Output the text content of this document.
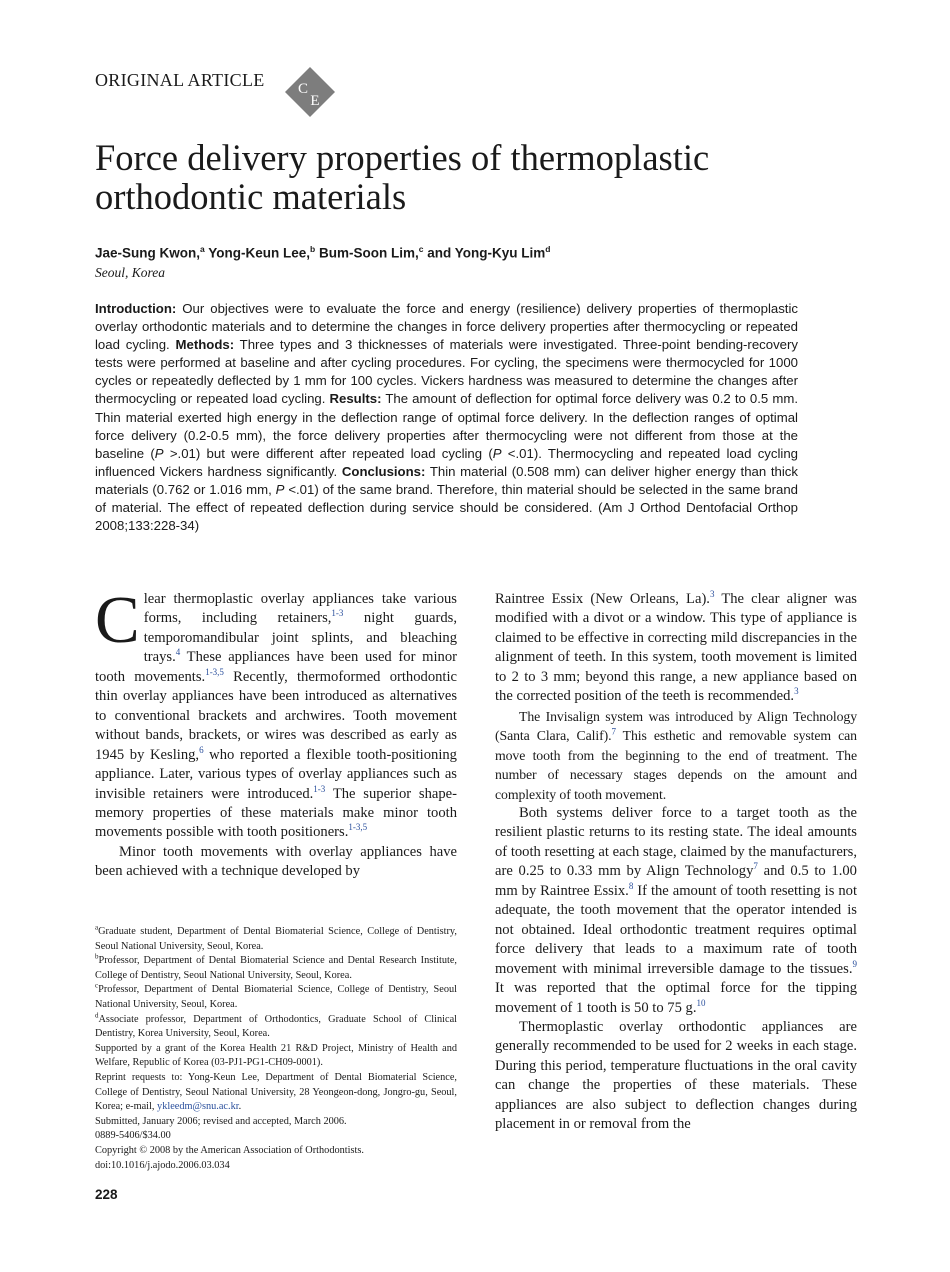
ORIGINAL ARTICLE C
E
Force delivery properties of thermoplastic
orthodontic materials
Jae-Sung Kwon,$^a$ Yong-Keun Lee,$^b$ Bum-Soon Lim,$^c$ and Yong-Kyu Lim$^d$
Seoul, Korea

Introduction: Our objectives were to evaluate the force and energy (resilience) delivery properties of thermoplastic overlay orthodontic materials and to determine the changes in force delivery properties after thermocycling or repeated load cycling. Methods: Three types and 3 thicknesses of materials were investigated. Three-point bending-recovery tests were performed at baseline and after cycling procedures. For cycling, the specimens were thermocycled for 1000 cycles or repeatedly deflected by 1 mm for 100 cycles. Vickers hardness was measured to determine the changes after thermocycling or repeated load cycling. Results: The amount of deflection for optimal force delivery was 0.2 to 0.5 mm. Thin material exerted high energy in the deflection range of optimal force delivery. In the deflection ranges of optimal force delivery (0.2-0.5 mm), the force delivery properties after thermocycling were not different from those at the baseline (P >.01) but were different after repeated load cycling (P <.01). Thermocycling and repeated load cycling influenced Vickers hardness significantly. Conclusions: Thin material (0.508 mm) can deliver higher energy than thick materials (0.762 or 1.016 mm, P <.01) of the same brand. Therefore, thin material should be selected in the same brand of material. The effect of repeated deflection during service should be considered. (Am J Orthod Dentofacial Orthop 2008;133:228-34)

Clear thermoplastic overlay appliances take various forms, including retainers,$^{1-3}$ night guards, temporomandibular joint splints, and bleaching trays.$^4$ These appliances have been used for minor tooth movements.$^{1-3,5}$ Recently, thermoformed orthodontic thin overlay appliances have been introduced as alternatives to conventional brackets and archwires. Tooth movement without bands, brackets, or wires was described as early as 1945 by Kesling,$^6$ who reported a flexible tooth-positioning appliance. Later, various types of overlay appliances such as invisible retainers were introduced.$^{1-3}$ The superior shape-memory properties of these materials make minor tooth movements possible with tooth positioners.$^{1-3,5}$

Minor tooth movements with overlay appliances have been achieved with a technique developed by

Raintree Essix (New Orleans, La).$^3$ The clear aligner was modified with a divot or a window. This type of appliance is claimed to be effective in correcting mild discrepancies in the alignment of teeth. In this system, tooth movement is limited to 2 to 3 mm; beyond this range, a new appliance based on the corrected position of the teeth is recommended.$^3$

The Invisalign system was introduced by Align Technology (Santa Clara, Calif).$^7$ This esthetic and removable system can move tooth from the beginning to the end of treatment. The number of necessary stages depends on the amount and complexity of tooth movement.

Both systems deliver force to a target tooth as the resilient plastic returns to its resting state. The ideal amounts of tooth resetting at each stage, claimed by the manufacturers, are 0.25 to 0.33 mm by Align Technology$^7$ and 0.5 to 1.00 mm by Raintree Essix.$^8$ If the amount of tooth resetting is not adequate, the tooth movement that the operator intended is not obtained. Ideal orthodontic treatment requires optimal force delivery that leads to a maximum rate of tooth movement with minimal irreversible damage to the tissues.$^9$ It was reported that the optimal force for the tipping movement of 1 tooth is 50 to 75 g.$^{10}$

Thermoplastic overlay orthodontic appliances are generally recommended to be used for 2 weeks in each stage. During this period, temperature fluctuations in the oral cavity can change the properties of these materials. These appliances are also subject to deflection changes during placement in or removal from the

$^a$Graduate student, Department of Dental Biomaterial Science, College of Dentistry, Seoul National University, Seoul, Korea.

$^b$Professor, Department of Dental Biomaterial Science and Dental Research Institute, College of Dentistry, Seoul National University, Seoul, Korea.

$^c$Professor, Department of Dental Biomaterial Science, College of Dentistry, Seoul National University, Seoul, Korea.

$^d$Associate professor, Department of Orthodontics, Graduate School of Clinical Dentistry, Korea University, Seoul, Korea.

Supported by a grant of the Korea Health 21 R&D Project, Ministry of Health and Welfare, Republic of Korea (03-PJ1-PG1-CH09-0001).

Reprint requests to: Yong-Keun Lee, Department of Dental Biomaterial Science, College of Dentistry, Seoul National University, 28 Yeongeon-dong, Jongro-gu, Seoul, Korea; e-mail, ykleedm@snu.ac.kr.

Submitted, January 2006; revised and accepted, March 2006.

0889-5406/$34.00

Copyright © 2008 by the American Association of Orthodontists.

doi:10.1016/j.ajodo.2006.03.034

228
